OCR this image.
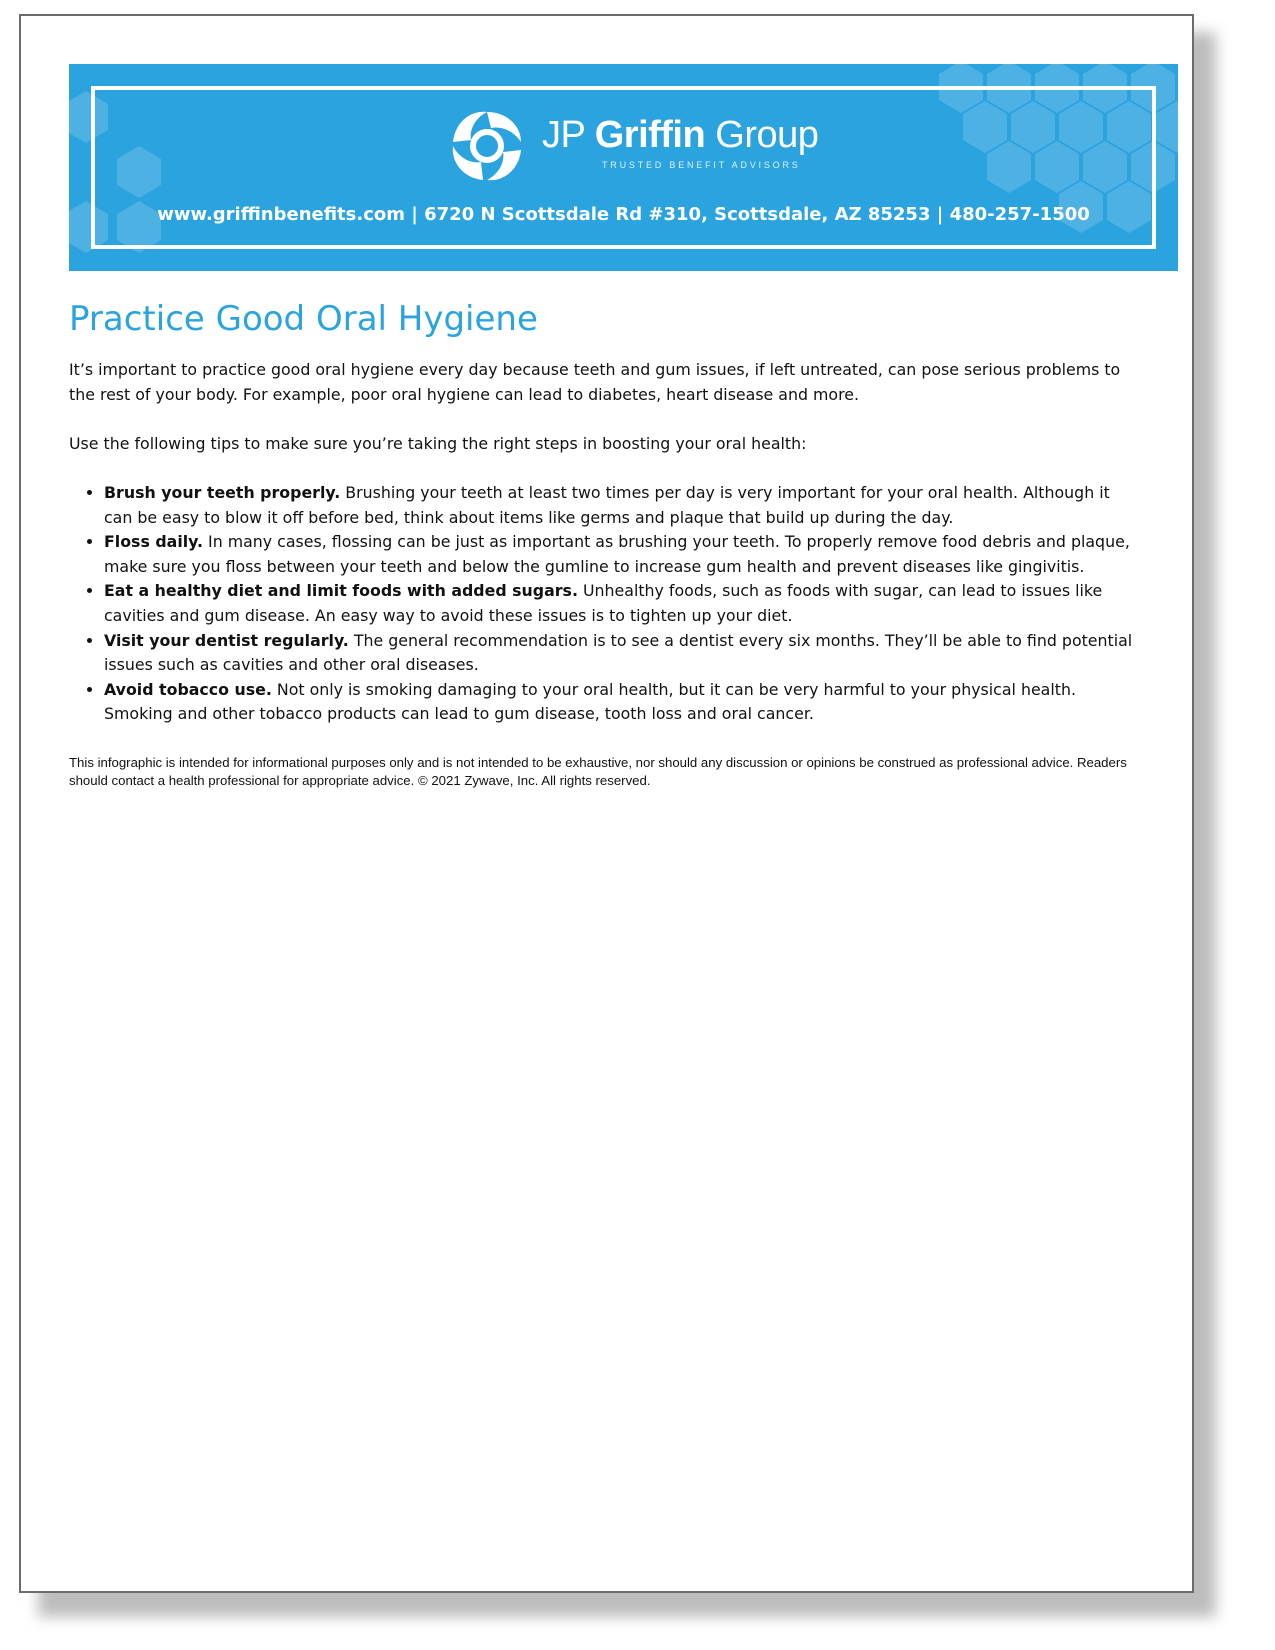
JP Griffin Group
TRUSTED BENEFIT ADVISORS
www.griffinbenefits.com | 6720 N Scottsdale Rd #310, Scottsdale, AZ 85253 | 480-257-1500
Practice Good Oral Hygiene

It’s important to practice good oral hygiene every day because teeth and gum issues, if left untreated, can pose serious problems to the rest of your body. For example, poor oral hygiene can lead to diabetes, heart disease and more.

Use the following tips to make sure you’re taking the right steps in boosting your oral health:

• Brush your teeth properly. Brushing your teeth at least two times per day is very important for your oral health. Although it can be easy to blow it off before bed, think about items like germs and plaque that build up during the day.
• Floss daily. In many cases, flossing can be just as important as brushing your teeth. To properly remove food debris and plaque, make sure you floss between your teeth and below the gumline to increase gum health and prevent diseases like gingivitis.
• Eat a healthy diet and limit foods with added sugars. Unhealthy foods, such as foods with sugar, can lead to issues like cavities and gum disease. An easy way to avoid these issues is to tighten up your diet.
• Visit your dentist regularly. The general recommendation is to see a dentist every six months. They’ll be able to find potential issues such as cavities and other oral diseases.
• Avoid tobacco use. Not only is smoking damaging to your oral health, but it can be very harmful to your physical health. Smoking and other tobacco products can lead to gum disease, tooth loss and oral cancer.

This infographic is intended for informational purposes only and is not intended to be exhaustive, nor should any discussion or opinions be construed as professional advice. Readers should contact a health professional for appropriate advice. © 2021 Zywave, Inc. All rights reserved.
